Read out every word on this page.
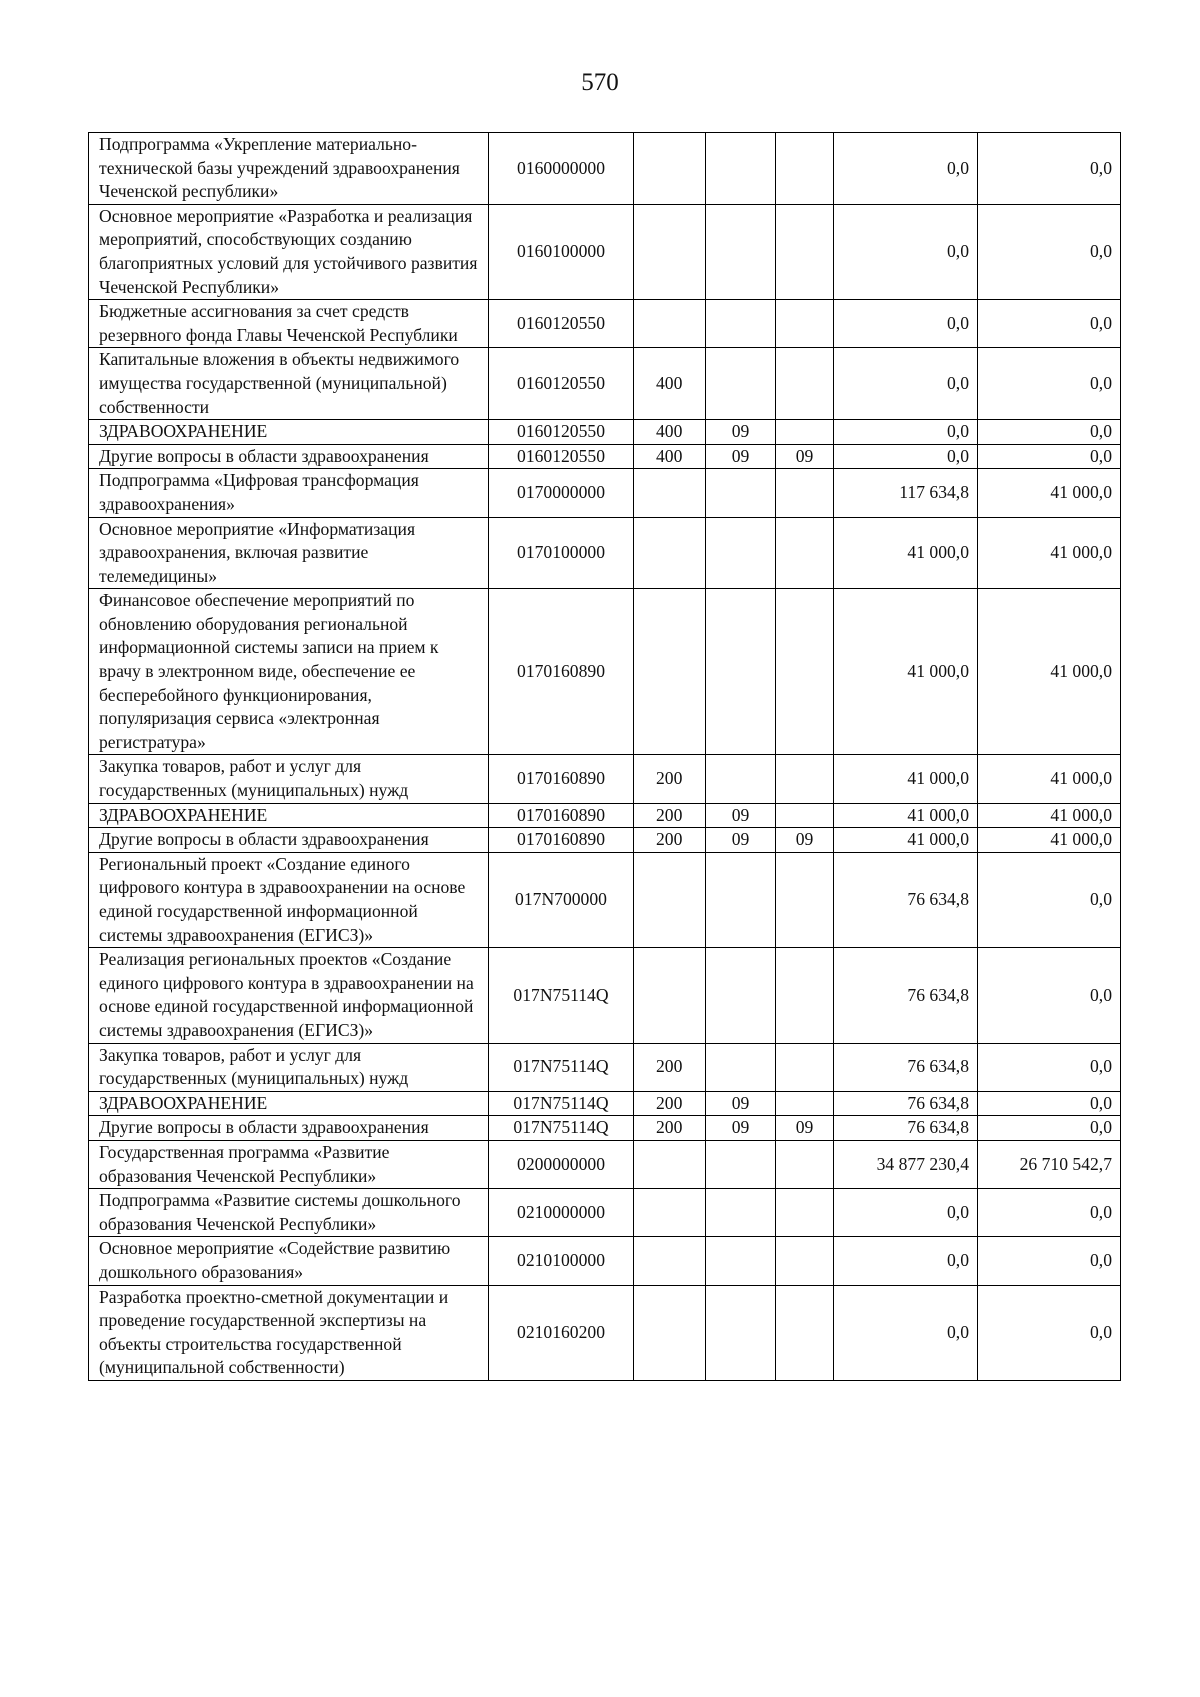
570
Подпрограмма «Укрепление материально-технической базы учреждений здравоохранения Чеченской республики»	0160000000				0,0	0,0
Основное мероприятие «Разработка и реализация мероприятий, способствующих созданию благоприятных условий для устойчивого развития Чеченской Республики»	0160100000				0,0	0,0
Бюджетные ассигнования за счет средств резервного фонда Главы Чеченской Республики	0160120550				0,0	0,0
Капитальные вложения в объекты недвижимого имущества государственной (муниципальной) собственности	0160120550	400			0,0	0,0
ЗДРАВООХРАНЕНИЕ	0160120550	400	09		0,0	0,0
Другие вопросы в области здравоохранения	0160120550	400	09	09	0,0	0,0
Подпрограмма «Цифровая трансформация здравоохранения»	0170000000				117 634,8	41 000,0
Основное мероприятие «Информатизация здравоохранения, включая развитие телемедицины»	0170100000				41 000,0	41 000,0
Финансовое обеспечение мероприятий по обновлению оборудования региональной информационной системы записи на прием к врачу в электронном виде, обеспечение ее бесперебойного функционирования, популяризация сервиса «электронная регистратура»	0170160890				41 000,0	41 000,0
Закупка товаров, работ и услуг для государственных (муниципальных) нужд	0170160890	200			41 000,0	41 000,0
ЗДРАВООХРАНЕНИЕ	0170160890	200	09		41 000,0	41 000,0
Другие вопросы в области здравоохранения	0170160890	200	09	09	41 000,0	41 000,0
Региональный проект «Создание единого цифрового контура в здравоохранении на основе единой государственной информационной системы здравоохранения (ЕГИСЗ)»	017N700000				76 634,8	0,0
Реализация региональных проектов «Создание единого цифрового контура в здравоохранении на основе единой государственной информационной системы здравоохранения (ЕГИСЗ)»	017N75114Q				76 634,8	0,0
Закупка товаров, работ и услуг для государственных (муниципальных) нужд	017N75114Q	200			76 634,8	0,0
ЗДРАВООХРАНЕНИЕ	017N75114Q	200	09		76 634,8	0,0
Другие вопросы в области здравоохранения	017N75114Q	200	09	09	76 634,8	0,0
Государственная программа «Развитие образования Чеченской Республики»	0200000000				34 877 230,4	26 710 542,7
Подпрограмма «Развитие системы дошкольного образования Чеченской Республики»	0210000000				0,0	0,0
Основное мероприятие «Содействие развитию дошкольного образования»	0210100000				0,0	0,0
Разработка проектно-сметной документации и проведение государственной экспертизы на объекты строительства государственной (муниципальной собственности)	0210160200				0,0	0,0
